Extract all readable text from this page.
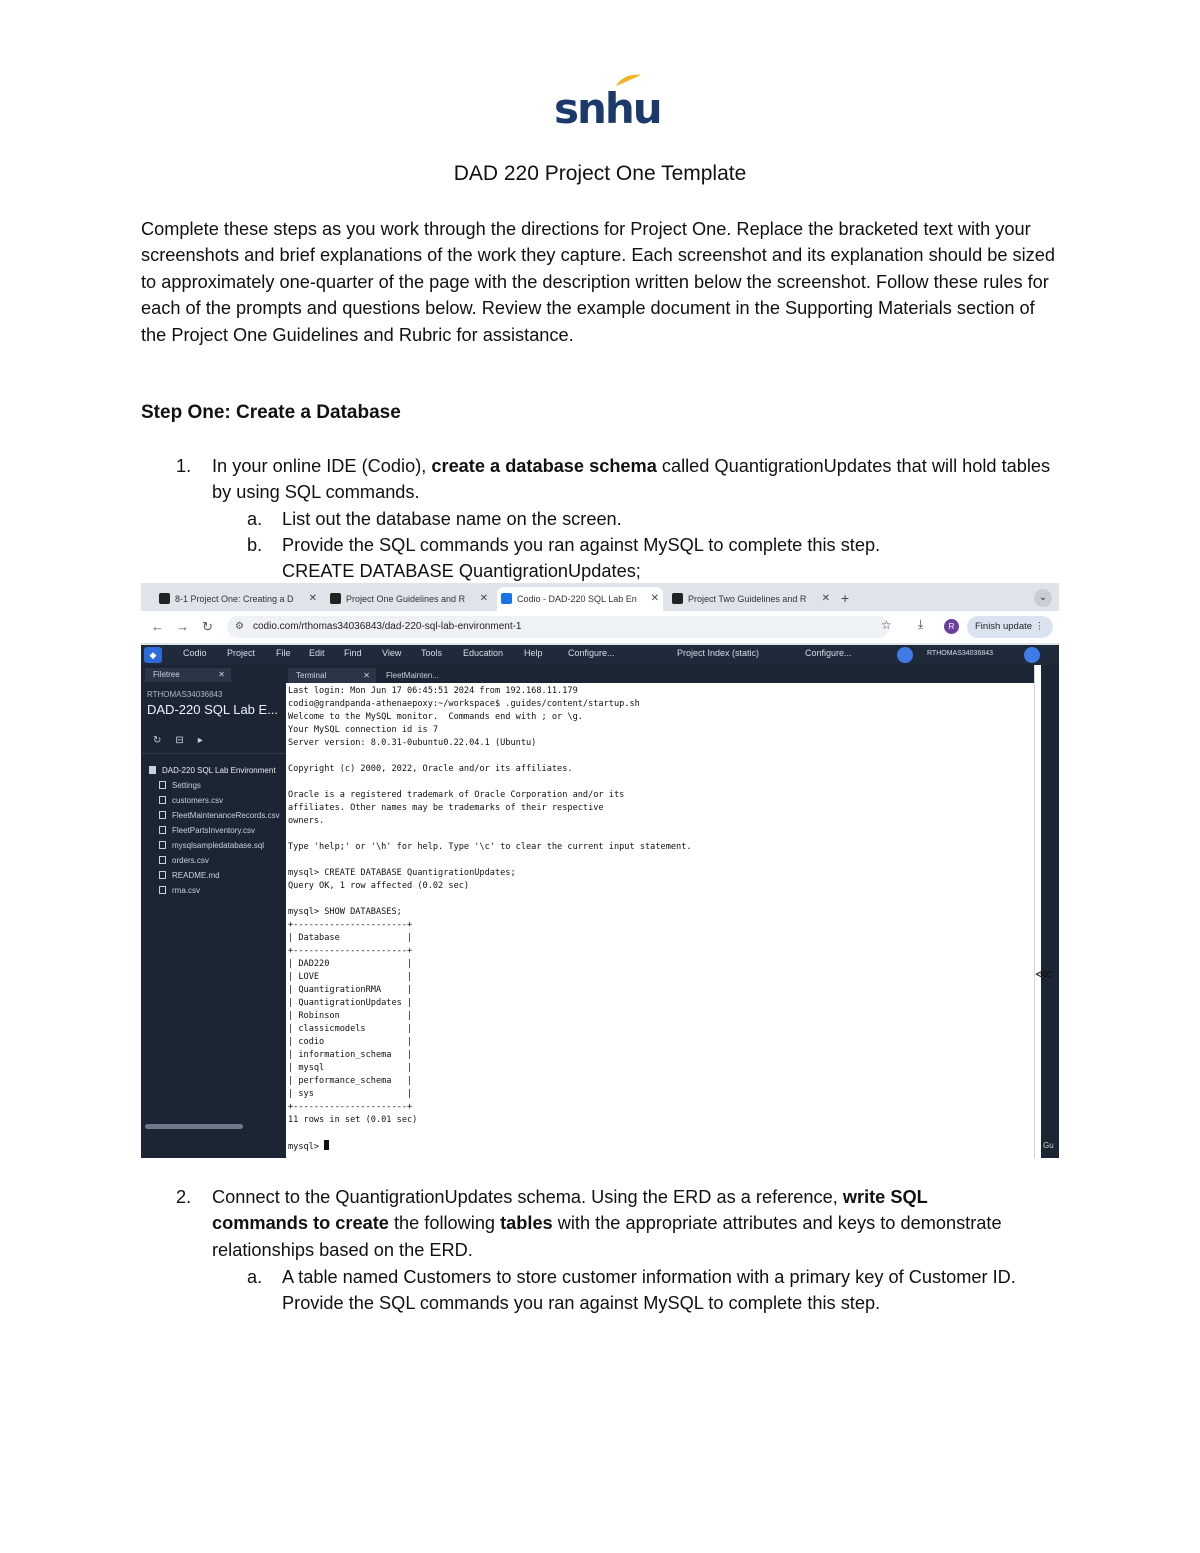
snhu
DAD 220 Project One Template
Complete these steps as you work through the directions for Project One. Replace the bracketed text with your screenshots and brief explanations of the work they capture. Each screenshot and its explanation should be sized to approximately one-quarter of the page with the description written below the screenshot. Follow these rules for each of the prompts and questions below. Review the example document in the Supporting Materials section of the Project One Guidelines and Rubric for assistance.
Step One: Create a Database
1. In your online IDE (Codio), create a database schema called QuantigrationUpdates that will hold tables by using SQL commands.
a. List out the database name on the screen.
b. Provide the SQL commands you ran against MySQL to complete this step.
CREATE DATABASE QuantigrationUpdates;
8-1 Project One: Creating a D ✕	Project One Guidelines and R ✕	Codio - DAD-220 SQL Lab En ✕	Project Two Guidelines and R ✕ +	⌄
← → ↻ ⚙ codio.com/rthomas34036843/dad-220-sql-lab-environment-1	☆ ⤓	R	Finish update ⋮
◆	Codio Project File Edit Find View Tools Education Help	Configure...	Project Index (static)	Configure...	RTHOMAS34036843
Filetree	✕
RTHOMAS34036843
DAD-220 SQL Lab E...
↻⊟▸
DAD-220 SQL Lab Environment
Settings
customers.csv
FleetMaintenanceRecords.csv
FleetPartsInventory.csv
mysqlsampledatabase.sql
orders.csv
README.md
rma.csv
Terminal	✕	FleetMainten...
Last login: Mon Jun 17 06:45:51 2024 from 192.168.11.179
codio@grandpanda-athenaepoxy:~/workspace$ .guides/content/startup.sh
Welcome to the MySQL monitor.  Commands end with ; or \g.
Your MySQL connection id is 7
Server version: 8.0.31-0ubuntu0.22.04.1 (Ubuntu)

Copyright (c) 2000, 2022, Oracle and/or its affiliates.

Oracle is a registered trademark of Oracle Corporation and/or its
affiliates. Other names may be trademarks of their respective
owners.

Type 'help;' or '\h' for help. Type '\c' to clear the current input statement.

mysql> CREATE DATABASE QuantigrationUpdates;
Query OK, 1 row affected (0.02 sec)

mysql> SHOW DATABASES;
+----------------------+
| Database             |
+----------------------+
| DAD220               |
| LOVE                 |
| QuantigrationRMA     |
| QuantigrationUpdates |
| Robinson             |
| classicmodels        |
| codio                |
| information_schema   |
| mysql                |
| performance_schema   |
| sys                  |
+----------------------+
11 rows in set (0.01 sec)

mysql>
⋘
Gu
2. Connect to the QuantigrationUpdates schema. Using the ERD as a reference, write SQL commands to create the following tables with the appropriate attributes and keys to demonstrate relationships based on the ERD.
a. A table named Customers to store customer information with a primary key of Customer ID. Provide the SQL commands you ran against MySQL to complete this step.
